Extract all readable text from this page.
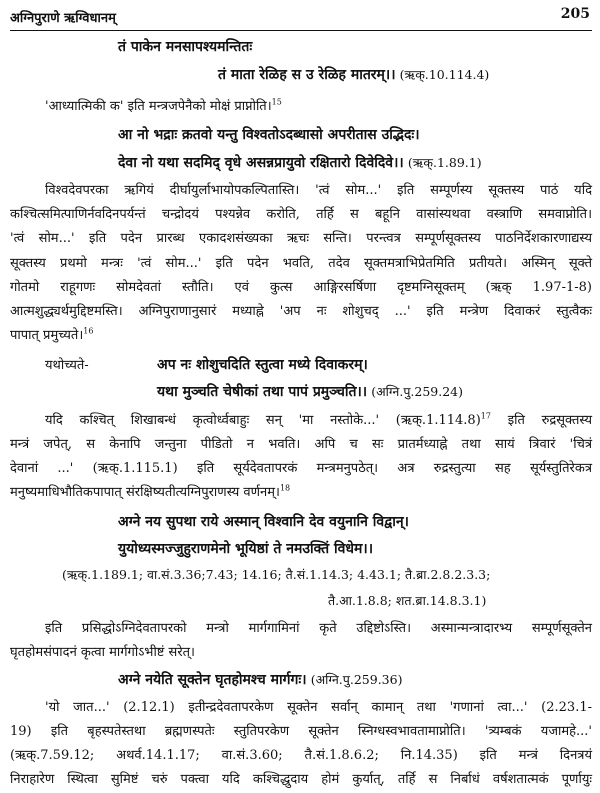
अग्निपुराणे ऋग्विधानम्	205
तं पाकेन मनसापश्यमन्तितः
तं माता रेळिह स उ रेळिह मातरम्।। (ऋक्.10.114.4)
'आध्यात्मिकी क' इति मन्त्रजपेनैको मोक्षं प्राप्नोति।$^{15}$
आ नो भद्राः क्रतवो यन्तु विश्वतोऽदब्धासो अपरीतास उद्भिदः।
देवा नो यथा सदमिद् वृधे असन्नप्रायुवो रक्षितारो दिवेदिवे।। (ऋक्.1.89.1)
विश्वदेवपरका ऋगियं दीर्घायुर्लाभायोपकल्पितास्ति। 'त्वं सोम...' इति सम्पूर्णस्य सूक्तस्य पाठं यदि
कश्चित्समित्पाणिर्नवदिनपर्यन्तं चन्द्रोदयं पश्यन्नेव करोति, तर्हि स बहूनि वासांस्यथवा वस्त्राणि समवाप्नोति।
'त्वं सोम...' इति पदेन प्रारब्ध एकादशसंख्यका ऋचः सन्ति। परन्त्वत्र सम्पूर्णसूक्तस्य पाठनिर्देशकारणाद्यस्य
सूक्तस्य प्रथमो मन्त्रः 'त्वं सोम...' इति पदेन भवति, तदेव सूक्तमत्राभिप्रेतमिति प्रतीयते। अस्मिन् सूक्ते
गोतमो राहूगणः सोमदेवतां स्तौति। एवं कुत्स आङ्गिरसर्षिणा दृष्टमग्निसूक्तम् (ऋक् 1.97-1-8)
आत्मशुद्ध्यर्थमुद्दिष्टमस्ति। अग्निपुराणानुसारं मध्याह्ने 'अप नः शोशुचद् ...' इति मन्त्रेण दिवाकरं स्तुत्वैकः
पापात् प्रमुच्यते।$^{16}$
यथोच्यते-	अप नः शोशुचदिति स्तुत्वा मध्ये दिवाकरम्।
यथा मुञ्चति चेषीकां तथा पापं प्रमुञ्चति।। (अग्नि.पु.259.24)
यदि कश्चित् शिखाबन्धं कृत्वोर्ध्वबाहुः सन् 'मा नस्तोके...' (ऋक्.1.114.8)$^{17}$ इति रुद्रसूक्तस्य
मन्त्रं जपेत्, स केनापि जन्तुना पीडितो न भवति। अपि च सः प्रातर्मध्याह्ने तथा सायं त्रिवारं 'चित्रं
देवानां ...' (ऋक्.1.115.1) इति सूर्यदेवतापरकं मन्त्रमनुपठेत्। अत्र रुद्रस्तुत्या सह सूर्यस्तुतिरेकत्र
मनुष्यमाधिभौतिकपापात् संरक्षिष्यतीत्यग्निपुराणस्य वर्णनम्।$^{18}$
अग्ने नय सुपथा राये अस्मान् विश्वानि देव वयुनानि विद्वान्।
युयोध्यस्मज्जुहुराणमेनो भूयिष्ठां ते नमउक्तिं विधेम।।
(ऋक्.1.189.1; वा.सं.3.36;7.43; 14.16; तै.सं.1.14.3; 4.43.1; तै.ब्रा.2.8.2.3.3;
तै.आ.1.8.8; शत.ब्रा.14.8.3.1)
इति प्रसिद्धोऽग्निदेवतापरको मन्त्रो मार्गगामिनां कृते उद्दिष्टोऽस्ति। अस्मान्मन्त्रादारभ्य सम्पूर्णसूक्तेन
घृतहोमसंपादनं कृत्वा मार्गगोऽभीष्टं सरेत्।
अग्ने नयेति सूक्तेन घृतहोमश्च मार्गगः। (अग्नि.पु.259.36)
'यो जात...' (2.12.1) इतीन्द्रदेवतापरकेण सूक्तेन सर्वान् कामान् तथा 'गणानां त्वा...' (2.23.1-
19) इति बृहस्पतेस्तथा ब्रह्मणस्पतेः स्तुतिपरकेण सूक्तेन स्निग्धस्वभावतामाप्नोति। 'त्र्यम्बकं यजामहे...'
(ऋक्.7.59.12; अथर्व.14.1.17; वा.सं.3.60; तै.सं.1.8.6.2; नि.14.35) इति मन्त्रं दिनत्रयं
निराहारेण स्थित्वा सुमिष्टं चरुं पक्त्वा यदि कश्चिद्धुदाय होमं कुर्यात्, तर्हि स निर्बाधं वर्षशतात्मकं पूर्णायुः
